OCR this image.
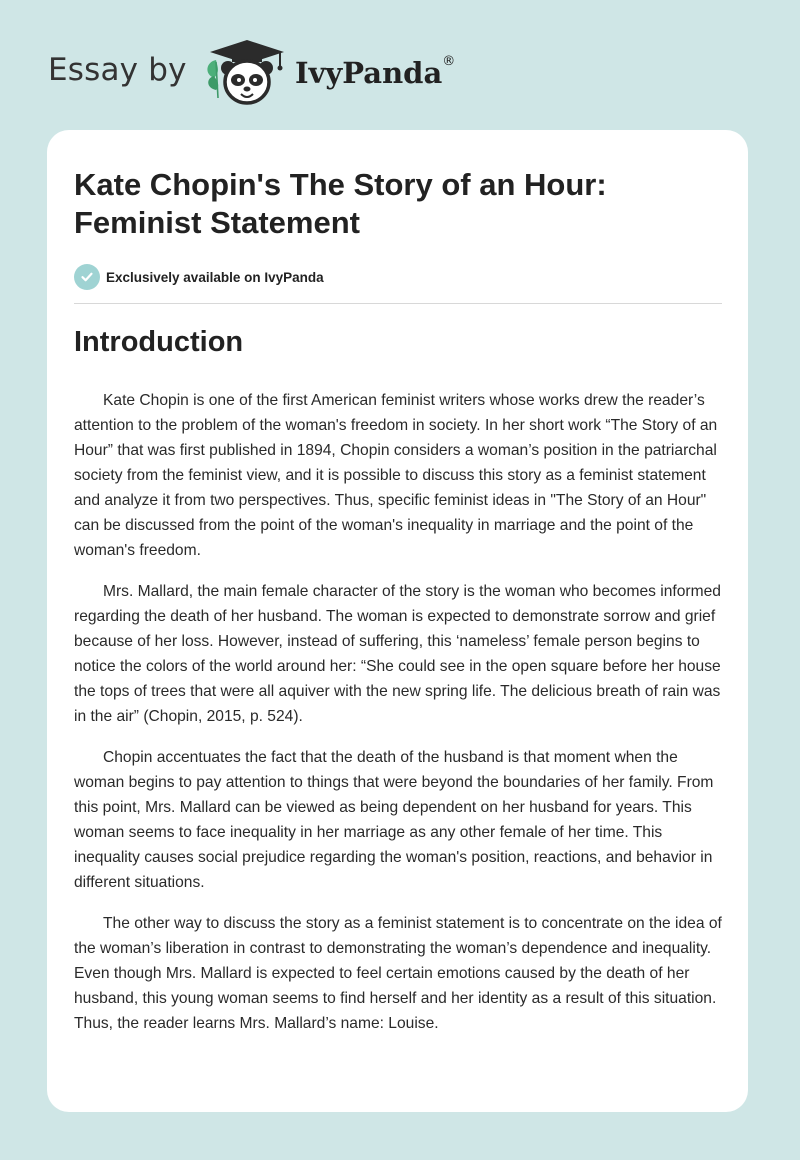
Essay by	IvyPanda®
Kate Chopin's The Story of an Hour: Feminist Statement
Exclusively available on IvyPanda
Introduction

Kate Chopin is one of the first American feminist writers whose works drew the reader’s attention to the problem of the woman's freedom in society. In her short work “The Story of an Hour” that was first published in 1894, Chopin considers a woman’s position in the patriarchal society from the feminist view, and it is possible to discuss this story as a feminist statement and analyze it from two perspectives. Thus, specific feminist ideas in "The Story of an Hour" can be discussed from the point of the woman's inequality in marriage and the point of the woman's freedom.

Mrs. Mallard, the main female character of the story is the woman who becomes informed regarding the death of her husband. The woman is expected to demonstrate sorrow and grief because of her loss. However, instead of suffering, this ‘nameless’ female person begins to notice the colors of the world around her: “She could see in the open square before her house the tops of trees that were all aquiver with the new spring life. The delicious breath of rain was in the air” (Chopin, 2015, p. 524).

Chopin accentuates the fact that the death of the husband is that moment when the woman begins to pay attention to things that were beyond the boundaries of her family. From this point, Mrs. Mallard can be viewed as being dependent on her husband for years. This woman seems to face inequality in her marriage as any other female of her time. This inequality causes social prejudice regarding the woman's position, reactions, and behavior in different situations.

The other way to discuss the story as a feminist statement is to concentrate on the idea of the woman’s liberation in contrast to demonstrating the woman’s dependence and inequality. Even though Mrs. Mallard is expected to feel certain emotions caused by the death of her husband, this young woman seems to find herself and her identity as a result of this situation. Thus, the reader learns Mrs. Mallard’s name: Louise.
